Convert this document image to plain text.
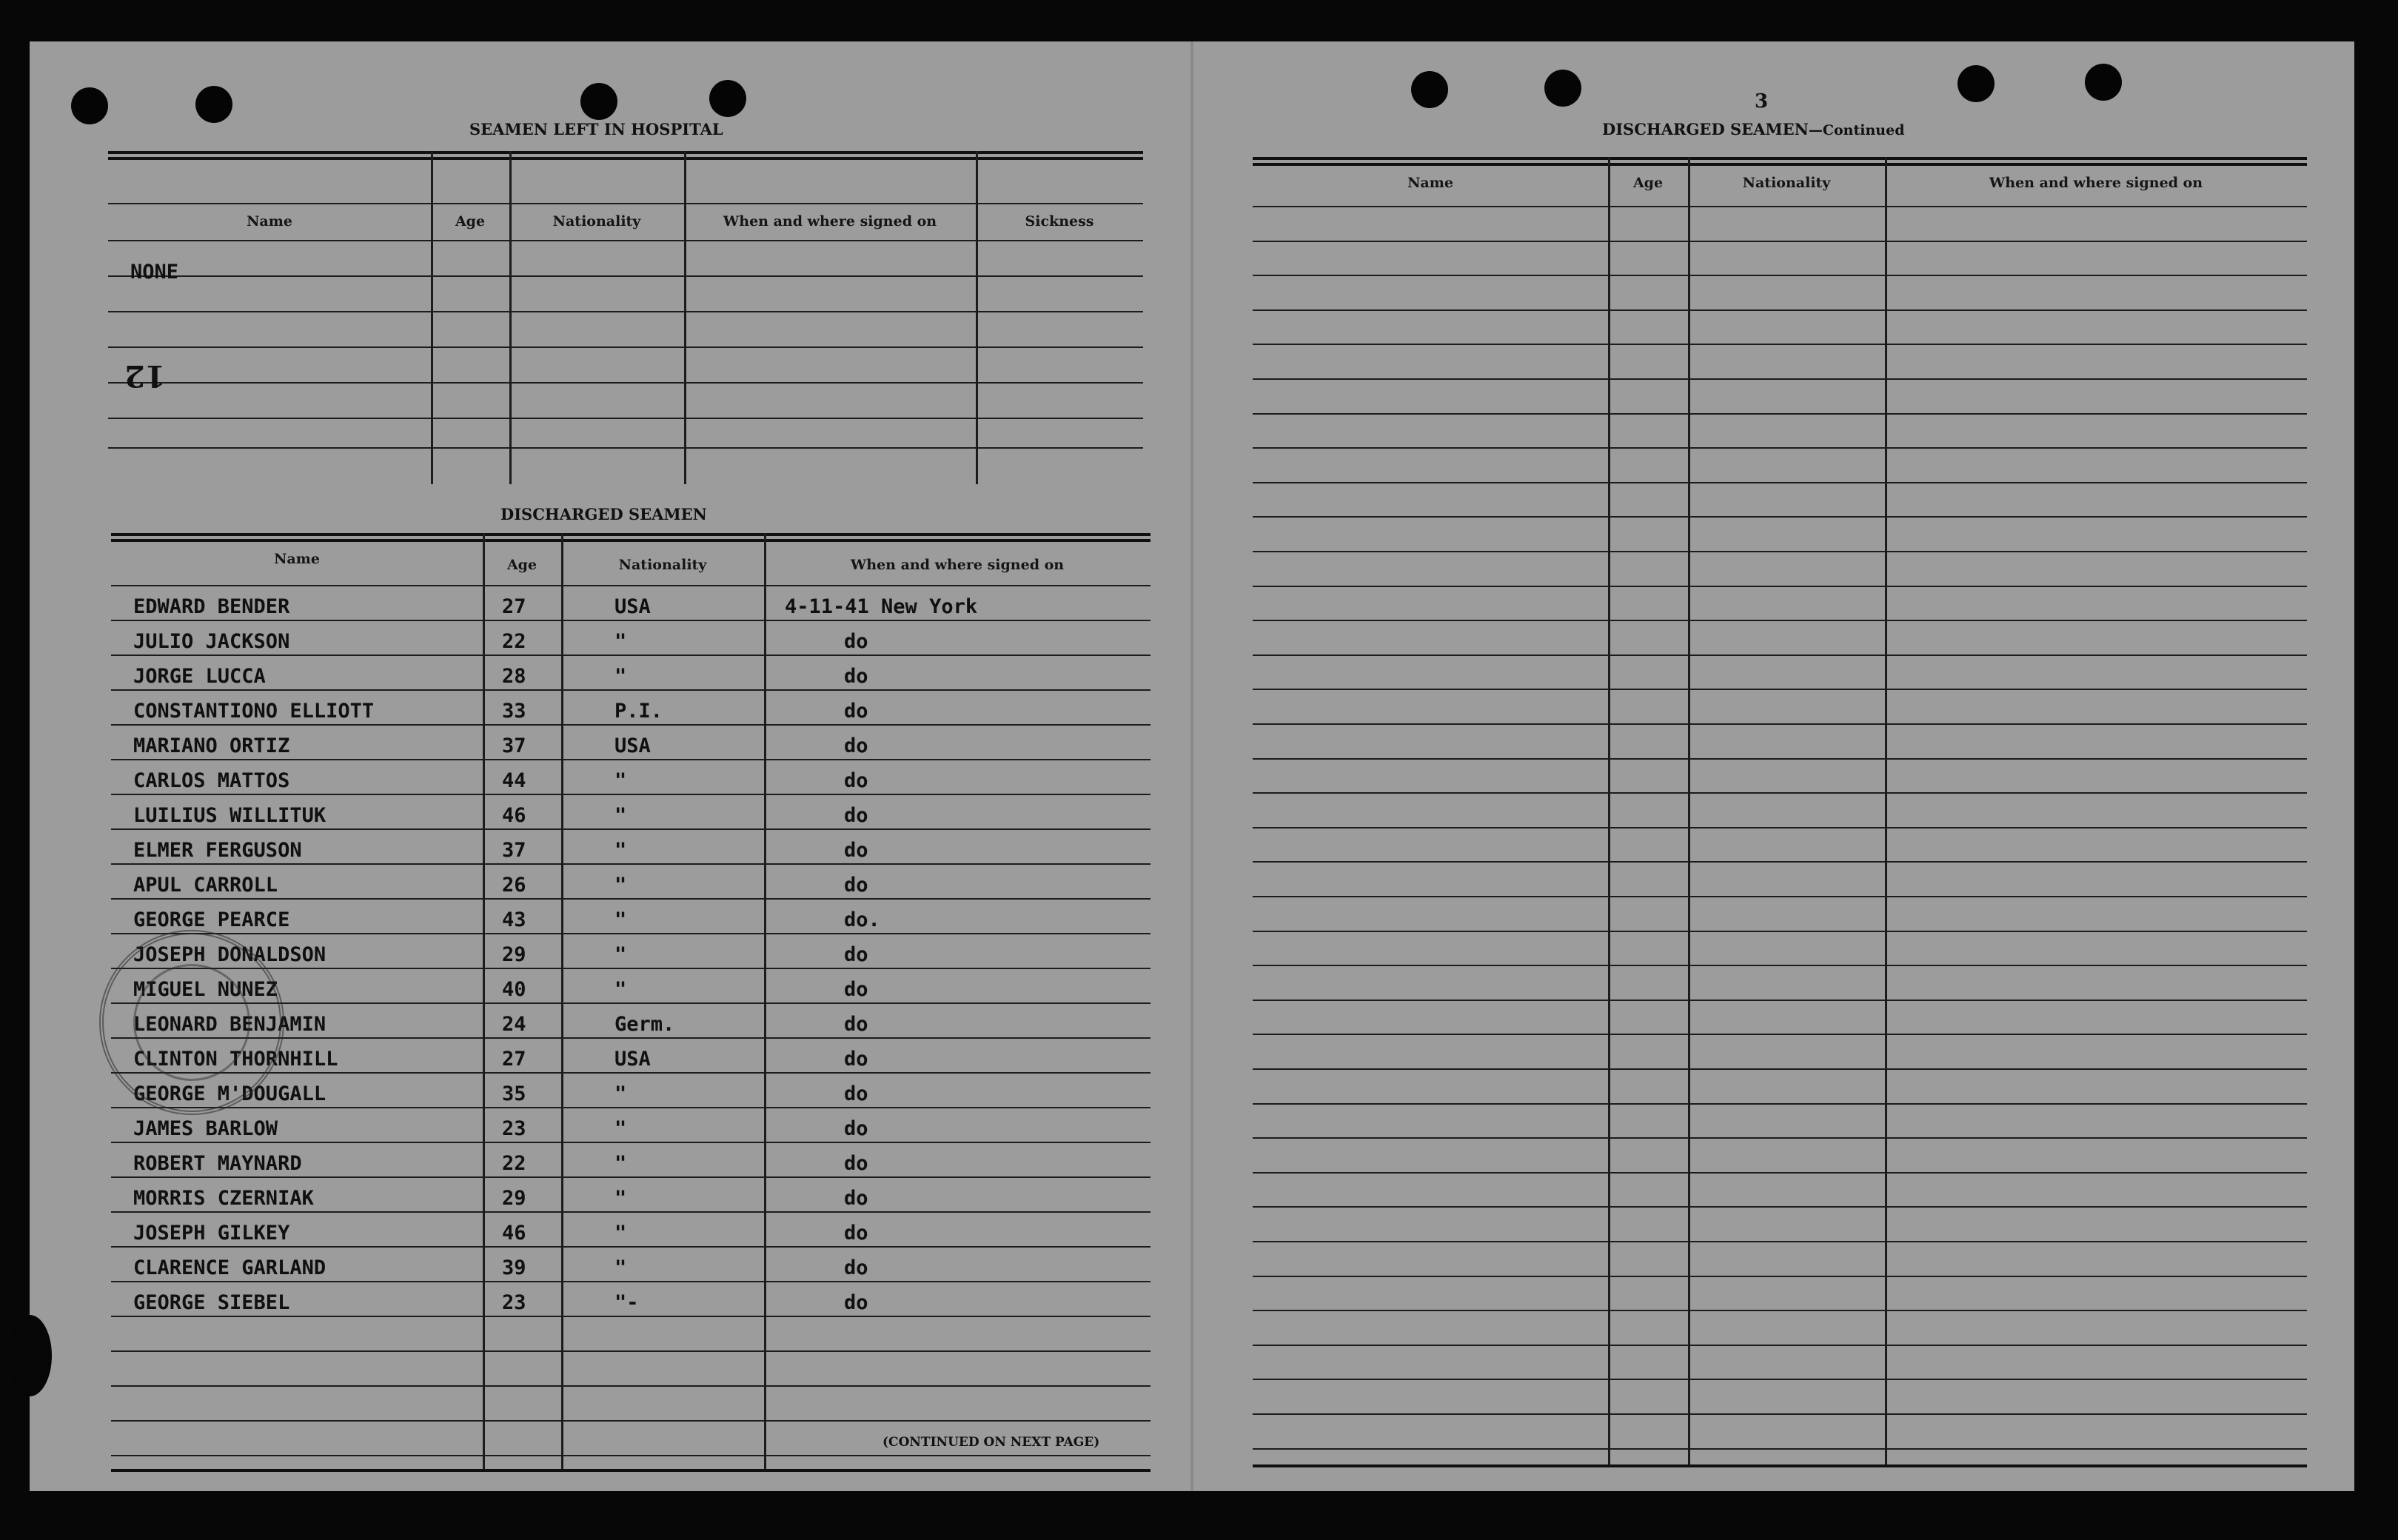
SEAMEN LEFT IN HOSPITAL
Name	Age	Nationality	When and where signed on	Sickness
NONE
12
DISCHARGED SEAMEN
Name	Age	Nationality	When and where signed on
EDWARD BENDER	27	USA	4-11-41 New York
JULIO JACKSON	22	"	do
JORGE LUCCA	28	"	do
CONSTANTIONO ELLIOTT	33	P.I.	do
MARIANO ORTIZ	37	USA	do
CARLOS MATTOS	44	"	do
LUILIUS WILLITUK	46	"	do
ELMER FERGUSON	37	"	do
APUL CARROLL	26	"	do
GEORGE PEARCE	43	"	do.
JOSEPH DONALDSON	29	"	do
MIGUEL NUNEZ	40	"	do
LEONARD BENJAMIN	24	Germ.	do
CLINTON THORNHILL	27	USA	do
GEORGE M'DOUGALL	35	"	do
JAMES BARLOW	23	"	do
ROBERT MAYNARD	22	"	do
MORRIS CZERNIAK	29	"	do
JOSEPH GILKEY	46	"	do
CLARENCE GARLAND	39	"	do
GEORGE SIEBEL	23	"-	do
(CONTINUED ON NEXT PAGE)
3
DISCHARGED SEAMEN—Continued
Name	Age	Nationality	When and where signed on
